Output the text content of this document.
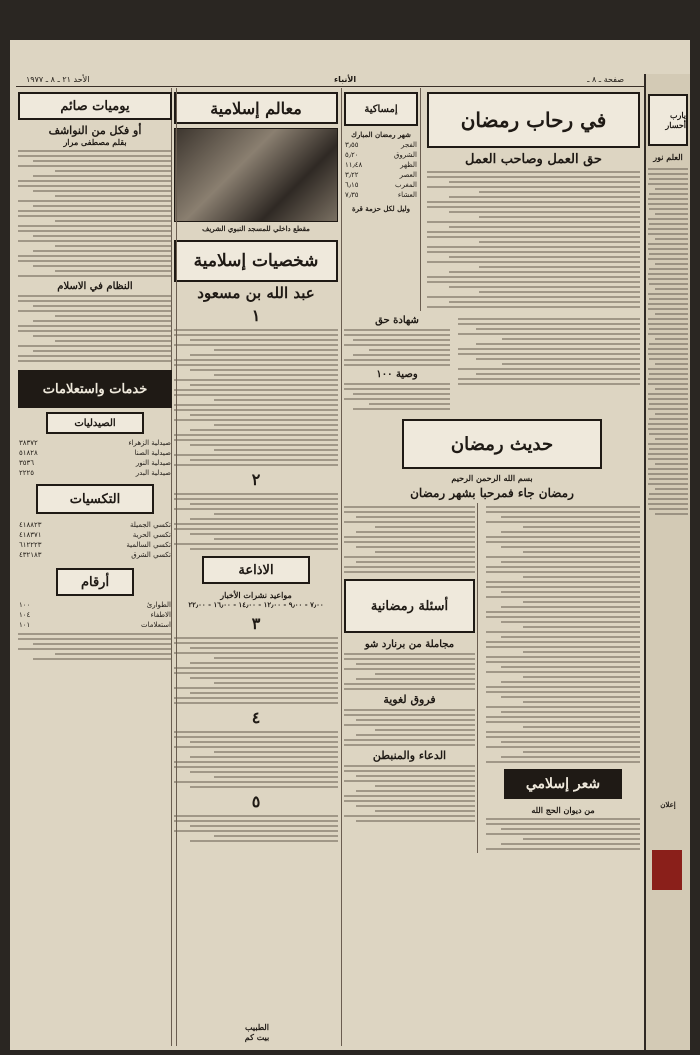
الأحد ٢١ ـ ٨ ـ ١٩٧٧	الأنباء	صفحة ـ ٨ ـ
يارب أحسار
العلم نور
في رحاب رمضان
حق العمل وصاحب العمل
إمساكية
شهر رمضان المبارك
الفجر
٣٫٥٥
الشروق
٥٫٢٠
الظهر
١١٫٤٨
العصر
٣٫٢٢
المغرب
٦٫١٥
العشاء
٧٫٣٥
وليل لكل حزمة قرة
شهادة حق
وصية ١٠٠
حديث رمضان
بسم الله الرحمن الرحيم
رمضان جاء فمرحبا بشهر رمضان
شعر إسلامي
من ديوان الحج الله
أسئلة رمضانية
مجاملة من برنارد شو
فروق لغوية
الدعاء والمنبطن
معالم إسلامية
مقطع داخلي للمسجد النبوي الشريف
شخصيات إسلامية
عبد الله بن مسعود
١
٢
الاذاعة
مواعيد نشرات الأخبار
٧٫٠٠ - ٩٫٠٠ - ١٢٫٠٠ - ١٤٫٠٠ - ١٦٫٠٠ - ٢٢٫٠٠
٣
٤
٥
يوميات صائم
أو فكل من النواشف
بقلم مصطفى مرار
النظام في الاسلام
خدمات واستعلامات
الصيدليات
صيدلية الزهراء
٣٨٣٧٢
صيدلية الصنا
٥١٨٢٨
صيدلية النور
٣٥٣٦
صيدلية البدر
٢٢٢٥
التكسيات
تكسي الجميلة
٤١٨٨٢٣
تكسي الحرية
٤١٨٣٧١
تكسي السالمية
٦١٢٢٢٣
تكسي الشرق
٤٣٢١٨٣
أرقام
الطوارئ
١٠٠
الاطفاء
١٠٤
استعلامات
١٠١
الطبيب
بيت كم
إعلان
